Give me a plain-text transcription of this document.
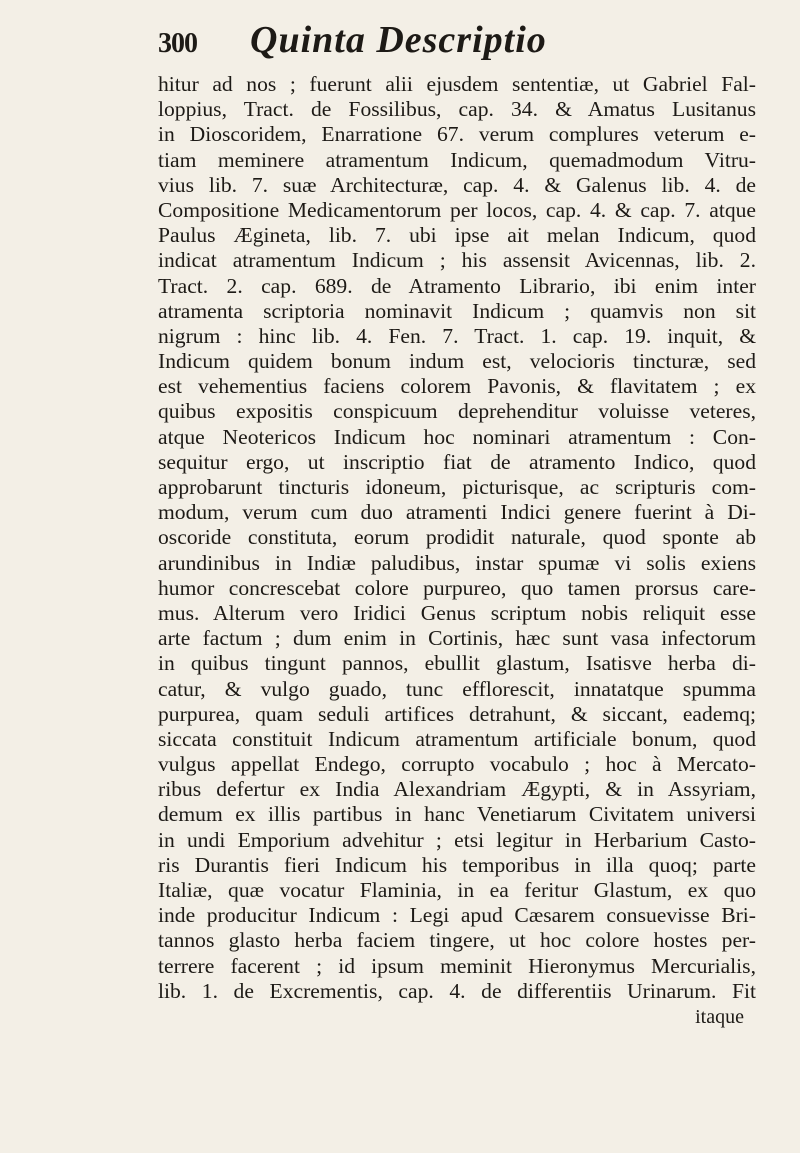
300	Quinta Descriptio
hitur ad nos ; fuerunt alii ejusdem sententiæ, ut Gabriel Fal-
loppius, Tract. de Fossilibus, cap. 34. & Amatus Lusitanus
in Dioscoridem, Enarratione 67. verum complures veterum e-
tiam meminere atramentum Indicum, quemadmodum Vitru-
vius lib. 7. suæ Architecturæ, cap. 4. & Galenus lib. 4. de
Compositione Medicamentorum per locos, cap. 4. & cap. 7. atque
Paulus Ægineta, lib. 7. ubi ipse ait melan Indicum, quod
indicat atramentum Indicum ; his assensit Avicennas, lib. 2.
Tract. 2. cap. 689. de Atramento Librario, ibi enim inter
atramenta scriptoria nominavit Indicum ; quamvis non sit
nigrum : hinc lib. 4. Fen. 7. Tract. 1. cap. 19. inquit, &
Indicum quidem bonum indum est, velocioris tincturæ, sed
est vehementius faciens colorem Pavonis, & flavitatem ; ex
quibus expositis conspicuum deprehenditur voluisse veteres,
atque Neotericos Indicum hoc nominari atramentum : Con-
sequitur ergo, ut inscriptio fiat de atramento Indico, quod
approbarunt tincturis idoneum, picturisque, ac scripturis com-
modum, verum cum duo atramenti Indici genere fuerint à Di-
oscoride constituta, eorum prodidit naturale, quod sponte ab
arundinibus in Indiæ paludibus, instar spumæ vi solis exiens
humor concrescebat colore purpureo, quo tamen prorsus care-
mus. Alterum vero Iridici Genus scriptum nobis reliquit esse
arte factum ; dum enim in Cortinis, hæc sunt vasa infectorum
in quibus tingunt pannos, ebullit glastum, Isatisve herba di-
catur, & vulgo guado, tunc efflorescit, innatatque spumma
purpurea, quam seduli artifices detrahunt, & siccant, eademq;
siccata constituit Indicum atramentum artificiale bonum, quod
vulgus appellat Endego, corrupto vocabulo ; hoc à Mercato-
ribus defertur ex India Alexandriam Ægypti, & in Assyriam,
demum ex illis partibus in hanc Venetiarum Civitatem universi
in undi Emporium advehitur ; etsi legitur in Herbarium Casto-
ris Durantis fieri Indicum his temporibus in illa quoq; parte
Italiæ, quæ vocatur Flaminia, in ea feritur Glastum, ex quo
inde producitur Indicum : Legi apud Cæsarem consuevisse Bri-
tannos glasto herba faciem tingere, ut hoc colore hostes per-
terrere facerent ; id ipsum meminit Hieronymus Mercurialis,
lib. 1. de Excrementis, cap. 4. de differentiis Urinarum. Fit
itaque
